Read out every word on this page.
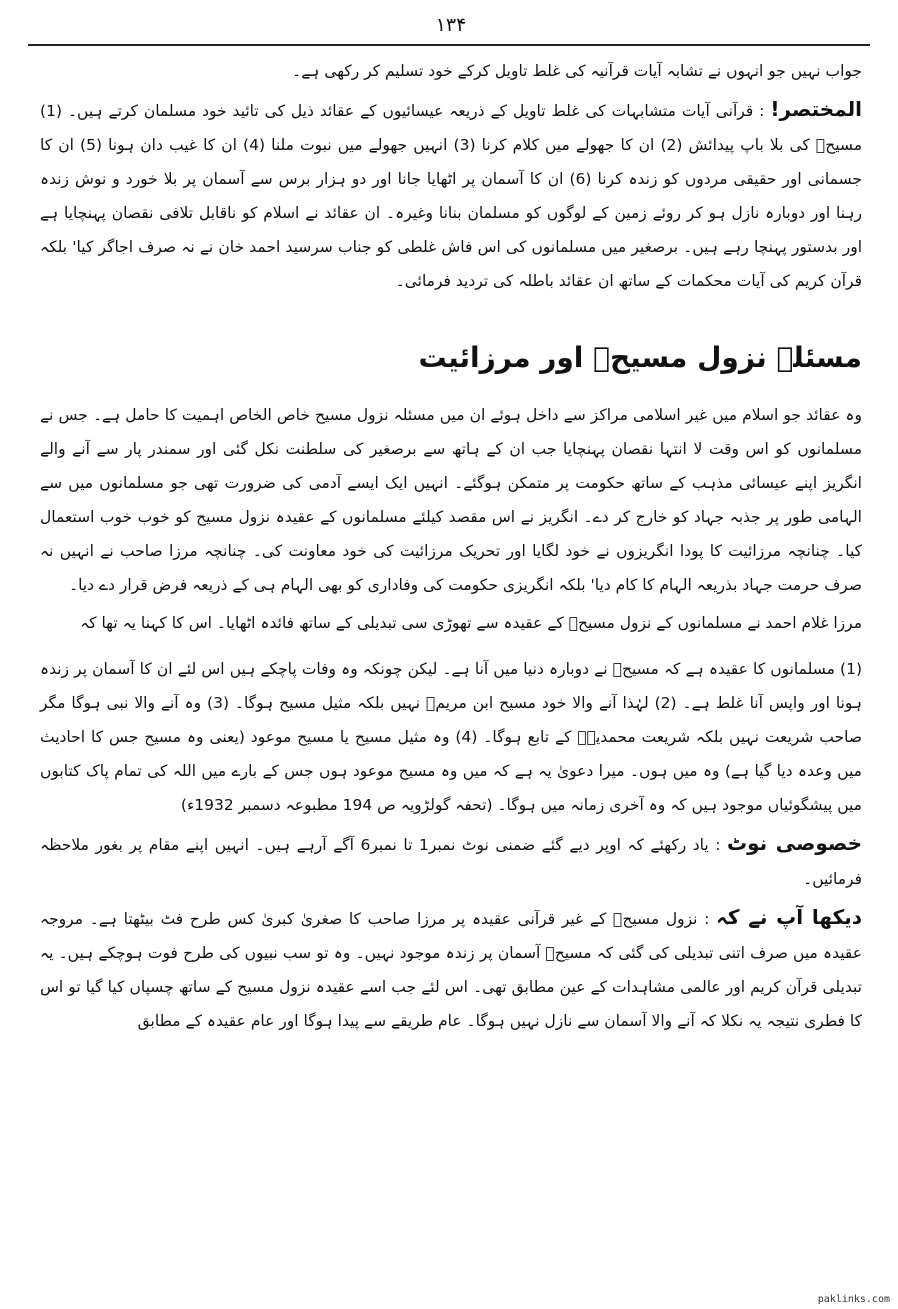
۱۳۴

جواب نہیں جو انہوں نے تشابہ آیات قرآنیہ کی غلط تاویل کرکے خود تسلیم کر رکھی ہے۔

المختصر! : قرآنی آیات متشابہات کی غلط تاویل کے ذریعہ عیسائیوں کے عقائد ذیل کی تائید خود مسلمان کرتے ہیں۔ (1)مسیحؑ کی بلا باپ پیدائش (2) ان کا جھولے میں کلام کرنا (3) انہیں جھولے میں نبوت ملنا (4) ان کا غیب دان ہونا (5)ان کا جسمانی اور حقیقی مردوں کو زندہ کرنا (6) ان کا آسمان پر اٹھایا جانا اور دو ہزار برس سے آسمان پر بلا خورد و نوشزندہ رہنا اور دوبارہ نازل ہو کر روئے زمین کے لوگوں کو مسلمان بنانا وغیرہ۔ ان عقائد نے اسلام کو ناقابل تلافی نقصانپہنچایا ہے اور بدستور پہنچا رہے ہیں۔ برصغیر میں مسلمانوں کی اس فاش غلطی کو جناب سرسید احمد خان نے نہ صرفاجاگر کیا' بلکہ قرآن کریم کی آیات محکمات کے ساتھ ان عقائد باطلہ کی تردید فرمائی۔

مسئلہ نزول مسیحؑ اور مرزائیت

وہ عقائد جو اسلام میں غیر اسلامی مراکز سے داخل ہوئے ان میں مسئلہ نزول مسیح خاص الخاص اہمیت کا حامل ہے۔جس نے مسلمانوں کو اس وقت لا انتہا نقصان پہنچایا جب ان کے ہاتھ سے برصغیر کی سلطنت نکل گئی اور سمندر پار سےآنے والے انگریز اپنے عیسائی مذہب کے ساتھ حکومت پر متمکن ہوگئے۔ انہیں ایک ایسے آدمی کی ضرورت تھی جومسلمانوں میں سے الہامی طور پر جذبہ جہاد کو خارج کر دے۔ انگریز نے اس مقصد کیلئے مسلمانوں کے عقیدہ نزول مسیح کوخوب خوب استعمال کیا۔ چنانچہ مرزائیت کا پودا انگریزوں نے خود لگایا اور تحریک مرزائیت کی خود معاونت کی۔ چنانچہمرزا صاحب نے انہیں نہ صرف حرمت جہاد بذریعہ الہام کا کام دیا' بلکہ انگریزی حکومت کی وفاداری کو بھی الہام ہیکے ذریعہ فرض قرار دے دیا۔

مرزا غلام احمد نے مسلمانوں کے نزول مسیحؑ کے عقیدہ سے تھوڑی سی تبدیلی کے ساتھ فائدہ اٹھایا۔ اس کا کہنا یہتھا کہ

(1) مسلمانوں کا عقیدہ ہے کہ مسیحؑ نے دوبارہ دنیا میں آنا ہے۔ لیکن چونکہ وہ وفات پاچکے ہیں اس لئے ان کا آسمان پرزندہ ہونا اور واپس آنا غلط ہے۔ (2) لہٰذا آنے والا خود مسیح ابن مریمؑ نہیں بلکہ مثیل مسیح ہوگا۔ (3) وہ آنے والا نبیہوگا مگر صاحب شریعت نہیں بلکہ شریعت محمدیہؐ کے تابع ہوگا۔ (4) وہ مثیل مسیح یا مسیح موعود (یعنی وہ مسیح جس کااحادیث میں وعدہ دیا گیا ہے) وہ میں ہوں۔ میرا دعویٰ یہ ہے کہ میں وہ مسیح موعود ہوں جس کے بارے میں اللہ کی تمامپاک کتابوں میں پیشگوئیاں موجود ہیں کہ وہ آخری زمانہ میں ہوگا۔ (تحفہ گولڑویہ ص 194 مطبوعہ دسمبر 1932ء)

خصوصی نوٹ : یاد رکھئے کہ اوپر دیے گئے ضمنی نوٹ نمبر1 تا نمبر6 آگے آرہے ہیں۔ انہیں اپنے مقام پر بغورملاحظہ فرمائیں۔

دیکھا آپ نے کہ : نزول مسیحؑ کے غیر قرآنی عقیدہ پر مرزا صاحب کا صغریٰ کبریٰ کس طرح فٹ بیٹھتا ہے۔ مروجہعقیدہ میں صرف اتنی تبدیلی کی گئی کہ مسیحؑ آسمان پر زندہ موجود نہیں۔ وہ تو سب نبیوں کی طرح فوت ہوچکے ہیں۔ یہتبدیلی قرآن کریم اور عالمی مشاہدات کے عین مطابق تھی۔ اس لئے جب اسے عقیدہ نزول مسیح کے ساتھ چسپاں کیا گیاتو اس کا فطری نتیجہ یہ نکلا کہ آنے والا آسمان سے نازل نہیں ہوگا۔ عام طریقے سے پیدا ہوگا اور عام عقیدہ کے مطابق

paklinks.com
